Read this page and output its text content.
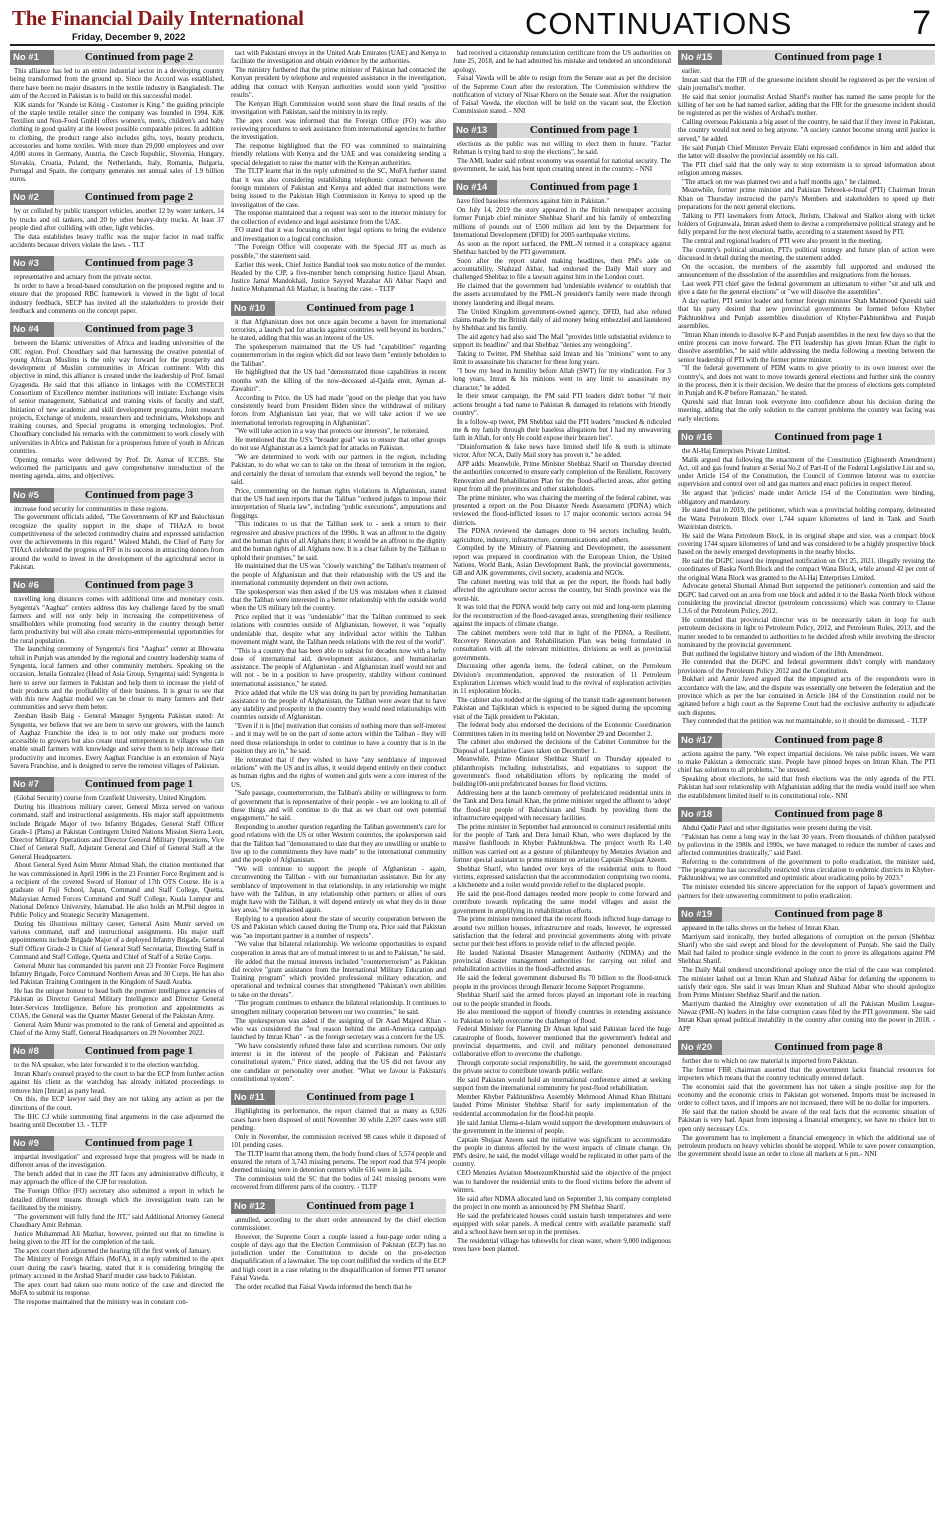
The Financial Daily International
Friday, December 9, 2022	CONTINUATIONS	7
No #1	Continued from page 2

This alliance has led to an entire industrial sector in a developing country being transformed from the ground up. Since the Accord was established, there have been no major disasters in the textile industry in Bangladesh. The aim of the Accord in Pakistan is to build on this successful model.

KiK stands for "Kunde ist König - Customer is King." the guiding principle of the staple textile retailer since the company was founded in 1994. KiK Textilien und Non-Food GmbH offers women's, men's, children's and baby clothing in good quality at the lowest possible comparable prices. In addition to clothing, the product range also includes gifts, toys, beauty products, accessories and home textiles. With more than 29,000 employees and over 4,000 stores in Germany, Austria, the Czech Republic, Slovenia, Hungary, Slovakia, Croatia, Poland, the Netherlands, Italy, Romania, Bulgaria, Portugal and Spain, the company generates net annual sales of 1.9 billion euros.

No #2	Continued from page 2

by or collided by public transport vehicles, another 12 by water tankers, 14 by trucks and oil tankers, and 20 by other heavy-duty trucks. At least 37 people died after colliding with other, light vehicles.

The data establishes heavy traffic was the major factor in road traffic accidents because drivers violate the laws. - TLT

No #3	Continued from page 3

representative and actuary from the private sector.

In order to have a broad-based consultation on the proposed regime and to ensure that the proposed RBC framework is viewed in the light of local industry feedback, SECP has invited all the stakeholders to provide their feedback and comments on the concept paper.

No #4	Continued from page 3

between the Islamic universities of Africa and leading universities of the OIC region. Prof. Choudhary said that harnessing the creative potential of young African Muslims is the only way forward for the prosperity and development of Muslim communities in African continent. With this objective in mind, this alliance is created under the leadership of Prof. Ismail Gyagenda. He said that this alliance in linkages with the COMSTECH Consortium of Excellence member institutions will initiate: Exchange visits of senior management, Sabbatical and training visits of faculty and staff, Initiation of new academic and skill development programs, Joint research projects, Exchange of students, researchers and technicians, Workshops and training courses, and Special programs in emerging technologies. Prof. Choudhary concluded his remarks with the commitment to work closely with universities in Africa and Pakistan for a prosperous future of youth in African countries.

Opening remarks were delivered by Prof. Dr. Asmat of ICCBS. She welcomed the participants and gave comprehensive introduction of the meeting agenda, aims, and objectives.

No #5	Continued from page 3

increase food security for communities in these regions.

The government officials added, "The Governments of KP and Balochistan recognize the quality support in the shape of THAzA to boost competitiveness of the selected commodity chains and expressed satisfaction over the achievements in this regard." Waleed Mahdi, the Chief of Party for THAzA celebrated the progress of FtF in its success in attracting donors from around the world to invest in the development of the agricultural sector in Pakistan.

No #6	Continued from page 3

travelling long distances comes with additional time and monetary costs. Syngenta's "Aaghaz" centers address this key challenge faced by the small farmers and will not only help in increasing the competitiveness of smallholders while promoting food security in the country through better farm productivity but will also create micro-entrepreneurial opportunities for the rural population.

The launching ceremony of Syngenta's first "Aaghaz" center at Bhowana tehsil in Punjab was attended by the regional and country leadership teams of Syngenta, local farmers and other community members. Speaking on the occasion, Jenaila Gonzalez (Head of Asia Group, Syngenta) said: Syngenta is here to serve our farmers in Pakistan and help them to increase the yield of their products and the profitability of their business. It is great to see that with this new Aaghaz model we can be closer to many farmers and their communities and serve them better.

Zeeshan Hasib Baig - General Manager Syngenta Pakistan stated: At Syngenta, we believe that we are here to serve our growers, with the launch of Aaghaz Franchise the idea is to not only make our products more accessible to growers but also create rural entrepreneurs in villages who can enable small farmers with knowledge and serve them to help increase their productivity and incomes. Every Aaghaz Franchise is an extension of Naya Savera Franchise, and is designed to serve the remotest villages of Pakistan.

No #7	Continued from page 1

(Global Security) course from Cranfield University, United Kingdom.

During his illustrious military career, General Mirza served on various command, staff and instructional assignments. His major staff appointments include Brigade Major of two Infantry Brigades, General Staff Officer Grade-1 (Plans) at Pakistan Contingent United Nations Mission Sierra Leon, Director Military Operations and Director General Military Operations, Vice Chief of General Staff, Adjutant General and Chief of General Staff at the General Headquarters.

About General Syed Asim Munir Ahmad Shah, the citation mentioned that he was commissioned in April 1986 in the 23 Frontier Force Regiment and is a recipient of the coveted Sword of Honour of 17th OTS Course. He is a graduate of Fuji School, Japan, Command and Staff College, Quetta, Malaysian Armed Forces Command and Staff College, Kuala Lumpur and National Defence University, Islamabad. He also holds an M.Phil degree in Public Policy and Strategic Security Management.

During his illustrious military career, General Asim Munir served on various command, staff and instructional assignments. His major staff appointments include Brigade Major of a deployed Infantry Brigade, General Staff Officer Grade-2 in Chief of General Staff Secretariat, Directing Staff in Command and Staff College, Quetta and Chief of Staff of a Strike Corps.

General Munir has commanded his parent unit 23 Frontier Force Regiment Infantry Brigade, Force Command Northern Areas and 30 Corps. He has also led Pakistan Training Contingent in the Kingdom of Saudi Arabia.

He has the unique honour to head both the premier intelligence agencies of Pakistan as Director General Military Intelligence and Director General Inter-Services Intelligence. Before his promotion and appointments as COAS, the General was the Quarter Master General of the Pakistan Army.

General Asim Munir was promoted to the rank of General and appointed as Chief of the Army Staff, General Headquarters on 29 November 2022.

No #8	Continued from page 1

to the NA speaker, who later forwarded it to the election watchdog.

Imran Khan's counsel prayed to the court to bar the ECP from further action against his client as the watchdog has already initiated proceedings to remove him [Imran] as party head.

On this, the ECP lawyer said they are not taking any action as per the directions of the court.

The IHC CJ while summoning final arguments in the case adjourned the hearing until December 13. - TLTP

No #9	Continued from page 1

impartial investigation" and expressed hope that progress will be made in different areas of the investigation.

The bench added that in case the JIT faces any administrative difficulty, it may approach the office of the CJP for resolution.

The Foreign Office (FO) secretary also submitted a report in which he detailed different means through which the investigation team can be facilitated by the ministry.

"The government will fully fund the JIT," said Additional Attorney General Chaudhary Amir Rehman.

Justice Muhammad Ali Mazhar, however, pointed out that no timeline is being given to the JIT for the completion of the task.

The apex court then adjourned the hearing till the first week of January.

The Ministry of Foreign Affairs (MoFA), in a reply submitted to the apex court during the case's hearing, stated that it is considering bringing the primary accused in the Arshad Sharif murder case back to Pakistan.

The apex court had taken suo motu notice of the case and directed the MoFA to submit its response.

The response maintained that the ministry was in constant con-

tact with Pakistani envoys in the United Arab Emirates (UAE) and Kenya to facilitate the investigation and obtain evidence by the authorities.

The ministry furthered that the prime minister of Pakistan had contacted the Kenyan president by telephone and requested assistance in the investigation, adding that contact with Kenyan authorities would soon yield "positive results".

The Kenyan High Commission would soon share the final results of the investigation with Pakistan, said the ministry in its reply.

The apex court was informed that the Foreign Office (FO) was also reviewing procedures to seek assistance from international agencies to further the investigation.

The response highlighted that the FO was committed to maintaining friendly relations with Kenya and the UAE and was considering sending a special delegation to raise the matter with the Kenyan authorities.

The TLTP learnt that in the reply submitted to the SC, MoFA further stated that it was also considering establishing telephonic contact between the foreign ministers of Pakistan and Kenya and added that instructions were being issued to the Pakistan High Commission in Kenya to speed up the investigation of the case.

The response maintained that a request was sent to the interior ministry for the collection of evidence and legal assistance from the UAE.

FO stated that it was focusing on other legal options to bring the evidence and investigation to a logical conclusion.

"The Foreign Office will cooperate with the Special JIT as much as possible," the statement said.

Earlier this week, Chief Justice Bandial took suo motu notice of the murder. Headed by the CJP, a five-member bench comprising Justice Ijazul Ahsan, Justice Jamal Mandokhail, Justice Sayyed Mazahar Ali Akbar Naqvi and Justice Mohammad Ali Mazhar, is hearing the case. - TLTP

No #10	Continued from page 1

it that Afghanistan does not once again become a haven for international terrorists, a launch pad for attacks against countries well beyond its borders," he stated, adding that this was an interest of the US.

The spokesperson maintained that the US had "capabilities" regarding counterterrorism in the region which did not leave them "entirely beholden to the Taliban".

He highlighted that the US had "demonstrated those capabilities in recent months with the killing of the now-deceased al-Qaida emir, Ayman al-Zawahiri".

According to Price, the US had made "good on the pledge that you have consistently heard from President Biden since the withdrawal of military forces from Afghanistan last year, that we will take action if we see international terrorists regrouping in Afghanistan".

"We will take action in a way that protects our interests", he reiterated.

He mentioned that the US's "broader goal" was to ensure that other groups do not use Afghanistan as a launch pad for attacks on Pakistan.

"We are determined to work with our partners in the region, including Pakistan, to do what we can to take on the threat of terrorism in the region, and certainly the threat of terrorism that extends well beyond the region," he said.

Price, commenting on the human rights violations in Afghanistan, stated that the US had seen reports that the Taliban "ordered judges to impose their interpretation of Sharia law", including "public executions", amputations and floggings.

"This indicates to us that the Taliban seek to - seek a return to their regressive and abusive practices of the 1990s. It was an affront to the dignity and the human rights of all Afghans then; it would be an affront to the dignity and the human rights of all Afghans now. It is a clear failure by the Taliban to uphold their promises," he said.

He maintained that the US was "closely watching" the Taliban's treatment of the people of Afghanistan and that their relationship with the US and the international community dependent on their own actions.

The spokesperson was then asked if the US was mistaken when it claimed that the Taliban were interested in a better relationship with the outside world when the US military left the country.

Price replied that it was "undeniable" that the Taliban continued to seek relations with countries outside of Afghanistan, however, it was "equally undeniable that, despite what any individual actor within the Taliban movement might want, the Taliban needs relations with the rest of the world".

"This is a country that has been able to subsist for decades now with a hefty dose of international aid, development assistance, and humanitarian assistance. The people of Afghanistan - and Afghanistan itself would not and will not - be in a position to have prosperity, stability without continued international assistance," he stated.

Price added that while the US was doing its part by providing humanitarian assistance to the people of Afghanistan, the Taliban were aware that to have any stability and prosperity in the country they would need relationships with countries outside of Afghanistan.

"Even if it is [the] motivation that consists of nothing more than self-interest - and it may well be on the part of some actors within the Taliban - they will need those relationships in order to continue to have a country that is in the position they are in," he said.

He reiterated that if they wished to have "any semblance of improved relations" with the US and its allies, it would depend entirely on their conduct as human rights and the rights of women and girls were a core interest of the US.

"Safe passage, counterterrorism, the Taliban's ability or willingness to form of government that is representative of their people - we are looking to all of these things and will continue to do that as we chart our own potential engagement," he said.

Responding to another question regarding the Taliban government's care for good relations with the US or other Western countries, the spokesperson said that the Taliban had "demonstrated to date that they are unwilling or unable to live up to the commitments they have made" to the international community and the people of Afghanistan.

"We will continue to support the people of Afghanistan - again, circumventing the Taliban - with our humanitarian assistance. But for any semblance of improvement in that relationship, in any relationship we might have with the Taliban, in any relationship other partners or allies of ours might have with the Taliban, it will depend entirely on what they do in those key areas," he emphasised again.

Replying to a question about the state of security cooperation between the US and Pakistan which caused during the Trump era, Price said that Pakistan was "an important partner in a number of respects".

"We value that bilateral relationship. We welcome opportunities to expand cooperation in areas that are of mutual interest to us and to Pakistan," he said.

He added that the mutual interests included "counterterrorism" as Pakistan did receive "grant assistance from the International Military Education and Training program" which provided professional military education, and operational and technical courses that strengthened "Pakistan's own abilities to take on the threats".

"The program continues to enhance the bilateral relationship. It continues to strengthen military cooperation between our two countries," he said.

The spokesperson was asked if the assigning of Dr Asad Majeed Khan - who was considered the "real reason behind the anti-America campaign launched by Imran Khan" - as the foreign secretary was a concern for the US.

"We have consistently refuted these false and scurrilous rumours. Our only interest is in the interest of the people of Pakistan and Pakistan's constitutional system," Price stated, adding that the US did not favour any one candidate or personality over another. "What we favour is Pakistan's constitutional system".

No #11	Continued from page 1

Highlighting its performance, the report claimed that as many as 6,926 cases have been disposed of until November 30 while 2,207 cases were still pending.

Only in November, the commission received 98 cases while it disposed of 101 pending cases.

The TLTP learnt that among them, the body found clues of 5,574 people and ensured the return of 3,743 missing persons. The report read that 974 people deemed missing were in detention centers while 616 were in jails.

The commission told the SC that the bodies of 241 missing persons were recovered from different parts of the country. - TLTP

No #12	Continued from page 1

annulled, according to the short order announced by the chief election commissioner.

However, the Supreme Court a couple issued a four-page order ruling a couple of days ago that the Election Commission of Pakistan (ECP) has no jurisdiction under the Constitution to decide on the pre-election disqualification of a lawmaker. The top court nullified the verdicts of the ECP and high court in a case relating to the disqualification of former PTI senator Faisal Vawda.

The order recalled that Faisal Vawda informed the bench that he

had received a citizenship renunciation certificate from the US authorities on June 25, 2018, and he had admitted his mistake and tendered an unconditional apology.

Faisal Vawda will be able to resign from the Senate seat as per the decision of the Supreme Court after the restoration. The Commission withdrew the notification of victory of Nisar Khoro on the Senate seat. After the resignation of Faisal Vawda, the election will be held on the vacant seat, the Election Commission stated. - NNI

No #13	Continued from page 1

elections as the public was not willing to elect them in future. "Fazlur Rehman is trying hard to stop the elections", he said.

The AML leader said robust economy was essential for national security. The government, he said, has bent upon creating unrest in the country. - NNI

No #14	Continued from page 1

have filed baseless references against him in Pakistan."

On July 14, 2019 the story appeared in the British newspaper accusing former Punjab chief minister Shehbaz Sharif and his family of embezzling millions of pounds out of £500 million aid lent by the Department for International Development (DFID) for 2005 earthquake victims.

As soon as the report surfaced, the PML-N termed it a conspiracy against Shehbaz hatched by the PTI government.

Soon after the report stated making headlines, then PM's aide on accountability, Shahzad Akbar, had endorsed the Daily Mail story and challenged Shehbaz to file a lawsuit against him in the London court.

He claimed that the government had 'undeniable evidence' to establish that the assets accumulated by the PML-N president's family were made through money laundering and illegal means.

The United Kingdom government-owned agency, DFID, had also refuted claims made by the British daily of aid money being embezzled and laundered by Shehbaz and his family.

The aid agency had also said The Mail "provides little substantial evidence to support its headline" and that Shehbaz "denies any wrongdoing".

Taking to Twitter, PM Shehbaz said Imran and his "minions" went to any limit to assassinate his character for these long years.

"I bow my head in humility before Allah (SWT) for my vindication. For 3 long years, Imran & his minions went to any limit to assassinate my character," he added.

In their smear campaign, the PM said PTI leaders didn't bother "if their actions brought a bad name to Pakistan & damaged its relations with friendly country".

In a follow-up tweet, PM Shehbaz said the PTI leaders "mocked & ridiculed me & my family through their baseless allegations but I had my unwavering faith in Allah, for only He could expose their brazen lies".

"Disinformation & fake news have limited shelf life & truth is ultimate victor. After NCA, Daily Mail story has proven it," he added.

APP adds: Meanwhile, Prime Minister Shehbaz Sharif on Thursday directed the authorities concerned to ensure early completion of the Resilient, Recovery Renovation and Rehabilitation Plan for the flood-affected areas, after getting input from all the provinces and other stakeholders.

The prime minister, who was chairing the meeting of the federal cabinet, was presented a report on the Post Disaster Needs Assessment (PDNA) which reviewed the flood-inflicted losses to 17 major economic sectors across 94 districts.

The PDNA reviewed the damages done to 94 sectors including health, agriculture, industry, infrastructure, communications and others.

Compiled by the Ministry of Planning and Development, the assessment report was prepared in coordination with the European Union, the United Nations, World Bank, Asian Development Bank, the provincial governments, GB and AJK governments, civil society, academia and NGOs.

The cabinet meeting was told that as per the report, the floods had badly affected the agriculture sector across the country, but Sindh province was the worst-hit.

It was told that the PDNA would help carry out mid and long-term planning for the reconstruction of the flood-ravaged areas, strengthening their resilience against the impacts of climate change.

The cabinet members were told that in light of the PDNA, a Resilient, Recovery Renovation and Rehabilitation Plan was being formulated in consultation with all the relevant ministries, divisions as well as provincial governments.

Discussing other agenda items, the federal cabinet, on the Petroleum Division's recommendation, approved the restoration of 11 Petroleum Exploration Licenses which would lead to the revival of exploration activities in 11 exploration blocks.

The cabinet also nodded at the signing of the transit trade agreement between Pakistan and Tajikistan which is expected to be signed during the upcoming visit of the Tajik president to Pakistan.

The federal body also endorsed the decisions of the Economic Coordination Committees taken in its meeting held on November 29 and December 2.

The cabinet also endorsed the decisions of the Cabinet Committee for the Disposal of Legislative Cases taken on December 1.

Meanwhile, Prime Minister Shehbaz Sharif on Thursday appealed to philanthropists including industrialists, and expatriates to support the government's flood rehabilitation efforts by replicating the model of building100-unit prefabricated houses for flood victims.

Addressing here at the launch ceremony of prefabricated residential units in the Tank and Dera Ismail Khan, the prime minister urged the affluent to 'adopt' the flood-hit people of Balochistan and Sindh by providing them the infrastructure equipped with necessary facilities.

The prime minister in September had announced to construct residential units for the people of Tank and Dera Ismail Khan, who were displaced by the massive flashfloods in Khyber Pakhtunkhwa. The project worth Rs 1.40 million was carried out as a gesture of philanthropy by Menzies Aviation and former special assistant to prime minister on aviation Captain Shujaat Azeem.

Shehbaz Sharif, who handed over keys of the residential units to flood victims, expressed satisfaction that the accommodation comprising two rooms, a kitchenette and a toilet would provide relief to the displaced people.

He said the post-flood damages needed more people to come forward and contribute towards replicating the same model villages and assist the government in amplifying its rehabilitation efforts.

The prime minister mentioned that the recent floods inflicted huge damage to around two million houses, infrastructure and roads, however, he expressed satisfaction that the federal and provincial governments along with private sector put their best efforts to provide relief to the affected people.

He lauded National Disaster Management Authority (NDMA) and the provincial disaster management authorities for carrying out relief and rehabilitation activities in the flood-affected areas.

He said the federal government disbursed Rs 70 billion to the flood-struck people in the provinces through Benazir Income Support Programme.

Shehbaz Sharif said the armed forces played an important role in reaching out to the people stranded in floods.

He also mentioned the support of friendly countries in extending assistance to Pakistan to help overcome the challenge of flood.

Federal Minister for Planning Dr Ahsan Iqbal said Pakistan faced the huge catastrophe of floods, however mentioned that the government's federal and provincial departments, and civil and military personnel demonstrated collaborative effort to overcome the challenge.

Through corporate social responsibility, he said, the government encouraged the private sector to contribute towards public welfare.

He said Pakistan would hold an international conference aimed at seeking support from the international community for post-flood rehabilitation.

Member Khyber Pakhtunkhwa Assembly Mehmood Ahmad Khan Bhittani lauded Prime Minister Shehbaz Sharif for early implementation of the residential accommodation for the flood-hit people.

He said Jamiat Ulema-e-Islam would support the development endeavours of the government in the interest of people.

Captain Shujaat Azeem said the initiative was significant to accommodate the people in distress affected by the worst impacts of climate change. On PM's desire, he said, the model village would be replicated in other parts of the country.

CEO Menzies Aviation MoetezumKhurshid said the objective of the project was to handover the residential units to the flood victims before the advent of winters.

He said after NDMA allocated land on September 3, his company completed the project in one month as announced by PM Shehbaz Sharif.

He said the prefabricated houses could sustain harsh temperatures and were equipped with solar panels. A medical centre with available paramedic staff and a school have been set up in the premises.

The residential village has tubewells for clean water, where 9,000 indigenous trees have been planted.

No #15	Continued from page 1

earlier.

Imran said that the FIR of the gruesome incident should be registered as per the version of slain journalist's mother.

He said that senior journalist Arshad Sharif's mother has named the same people for the killing of her son he had named earlier, adding that the FIR for the gruesome incident should be registered as per the wishes of Arshad's mother.

Calling overseas Pakistanis a big asset of the country, he said that if they invest in Pakistan, the country would not need to beg anyone. "A society cannot become strong until justice is served," he added.

He said Punjab Chief Minister Pervaiz Elahi expressed confidence in him and added that the latter will dissolve the provincial assembly on his call.

The PTI chief said that the only way to stop extremism is to spread information about religion among masses.

"The attack on me was planned two and a half months ago," he claimed.

Meanwhile, former prime minister and Pakistan Tehreek-e-Insaf (PTI) Chairman Imran Khan on Thursday instructed the party's Members and stakeholders to speed up their preparations for the next general elections.

Talking to PTI lawmakers from Attock, Jhelum, Chakwal and Sialkot along with ticket holders of Gujranwala, Imran asked them to devise a comprehensive political strategy and be fully prepared for the next electoral battle, according to a statement issued by PTI.

The central and regional leaders of PTI were also present in the meeting.

The country's political situation, PTI's political strategy and future plan of action were discussed in detail during the meeting, the statement added.

On the occasion, the members of the assembly full supported and endorsed the announcement of the dissolution of the assemblies and resignations from the houses.

Last week PTI chief gave the federal government an ultimatum to either "sit and talk and give a date for the general elections" or "we will dissolve the assemblies".

A day earlier, PTI senior leader and former foreign minister Shah Mahmood Qureshi said that his party desired that new provincial governments be formed before Khyber Pakhtunkhwa and Punjab assemblies dissolution of Khyber-Pakhtunkhwa and Punjab assemblies.

"Imran Khan intends to dissolve K-P and Punjab assemblies in the next few days so that the entire process can move forward. The PTI leadership has given Imran Khan the right to dissolve assemblies," he said while addressing the media following a meeting between the senior leadership of PTI with the former prime minister.

"If the federal government of PDM wants to give priority to its own interest over the country's, and does not want to move towards general elections and further sink the country in the process, then it is their decision. We desire that the process of elections gets completed in Punjab and K-P before Ramazan," he stated.

Qureshi said that Imran took everyone into confidence about his decision during the meeting, adding that the only solution to the current problems the country was facing was early elections.

No #16	Continued from page 1

the Al-Haj Enterprises Private Limited.

Malik argued that following the enactment of the Constitution (Eighteenth Amendment) Act, oil and gas found feature at Serial No.2 of Part-II of the Federal Legislative List and so, under Article 154 of the Constitution, the Council of Common Interest was to exercise supervision and control over oil and gas matters and enact policies in respect thereof.

He argued that 'policies' made under Article 154 of the Constitution were binding, obligatory and mandatory.

He stated that in 2019, the petitioner, which was a provincial holding company, delineated the Wana Petroleum Block over 1,744 square kilometres of land in Tank and South Waziristan districts.

He said the Wana Petroleum Block, in its original shape and size, was a compact block covering 1744 square kilometres of land and was considered to be a highly prospective block based on the newly emerged developments in the nearby blocks.

He said the DGPC issued the impugned notification on Oct 25, 2021, illegally revising the coordinates of Baska North Block and the compact Wana Block, while around 42 per cent of the original Wana Block was granted to the Al-Haj Enterprises Limited.

Advocate general Shumail Ahmad Butt supported the petitioner's contention and said the DGPC had carved out an area from one block and added it to the Baska North block without considering the provincial director (petroleum concessions) which was contrary to Clause 1.3.6 of the Petroleum Policy, 2012.

He contended that provincial director was to be necessarily taken in loop for such petroleum decisions in light to Petroleum Policy, 2012, and Petroleum Rules, 2013, and the matter needed to be remanded to authorities to be decided afresh while involving the director nominated by the provincial government.

Butt outlined the legislative history and wisdom of the 18th Amendment.

He contended that the DGPC and federal government didn't comply with mandatory provisions of the Petroleum Policy 2012 and the Constitution.

Bukhari and Aamir Javed argued that the impugned acts of the respondents were in accordance with the law, and the dispute was essentially one between the federation and the province which as per the bar contained in Article 184 of the Constitution could not be agitated before a high court as the Supreme Court had the exclusive authority to adjudicate such disputes.

They contended that the petition was not maintainable, so it should be dismissed. - TLTP

No #17	Continued from page 8

actions against the party. "We expect impartial decisions. We raise public issues. We want to make Pakistan a democratic state. People have pinned hopes on Imran Khan. The PTI chief has solutions to all problems," he stressed.

Speaking about elections, he said that fresh elections was the only agenda of the PTI. Pakistan had sour relationship with Afghanistan adding that the media would itself see when the establishment limited itself to its constitutional role.- NNI

No #18	Continued from page 8

Abdul Qadir Patel and other dignitaries were present during the visit.

"Pakistan has come a long way in the last 30 years. From thousands of children paralysed by poliovirus in the 1980s and 1990s, we have managed to reduce the number of cases and affected communities drastically," said Patel.

Referring to the commitment of the government to polio eradication, the minister said, "The programme has successfully restricted virus circulation to endemic districts in Khyber-Pakhtunkhwa; we are committed and optimistic about eradicating polio by 2023."

The minister extended his sincere appreciation for the support of Japan's government and partners for their unwavering commitment to polio eradication.

No #19	Continued from page 8

appeared in the talks shows on the behest of Imran Khan.

Marriyum said ironically, they hurled allegations of corruption on the person (Shehbaz Sharif) who she said swept and blood for the development of Punjab. She said the Daily Mail had failed to produce single evidence in the court to prove its allegations against PM Shehbaz Sharif.

The Daily Mail tendered unconditional apology once the trial of the case was completed. The minister lashed out at Imran Khan and Shahzad Akbar for defaming the opponents to satisfy their egos. She said it was Imran Khan and Shahzad Akbar who should apologize from Prime Minister Shehbaz Sharif and the nation.

Marriyum thanked the Almighty over exoneration of all the Pakistan Muslim League-Nawaz (PML-N) leaders in the false corruption cases filed by the PTI government. She said Imran Khan spread political instability in the country after coming into the power in 2018. - APP

No #20	Continued from page 8

further due to which no raw material is imported from Pakistan.

The former FBR chairman asserted that the government lacks financial resources for importers which means that the country technically entered default.

The economist said that the government has not taken a single positive step for the economy and the economic crisis in Pakistan got worsened. Imports must be increased in order to collect taxes, and if imports are not increased, there will be no dollar for importers.

He said that the nation should be aware of the real facts that the economic situation of Pakistan is very bad. Apart from imposing a financial emergency, we have no choice but to open only necessary LCs.

The government has to implement a financial emergency in which the additional use of petroleum products on heavy vehicles should be stopped. While to save power consumption, the government should issue an order to close all markets at 6 pm.- NNI
